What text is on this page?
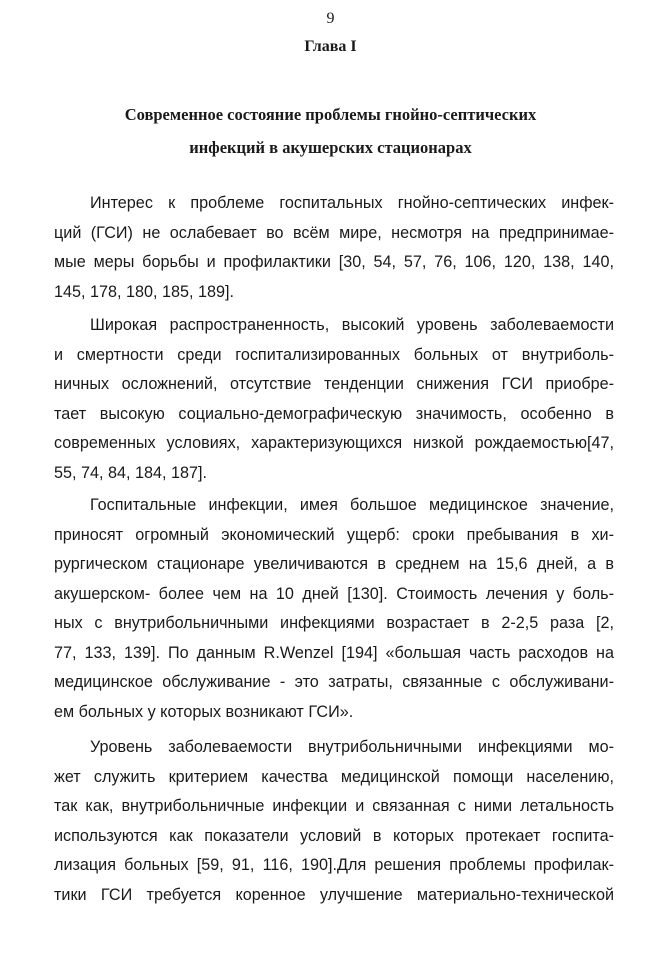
9
Глава I
Современное состояние проблемы гнойно-септических
инфекций в акушерских стационарах
Интерес к проблеме госпитальных гнойно-септических инфек-
ций (ГСИ) не ослабевает во всём мире, несмотря на предпринимае-
мые меры борьбы и профилактики [30, 54, 57, 76, 106, 120, 138, 140,
145, 178, 180, 185, 189].
Широкая распространенность, высокий уровень заболеваемости
и смертности среди госпитализированных больных от внутриболь-
ничных осложнений, отсутствие тенденции снижения ГСИ приобре-
тает высокую социально-демографическую значимость, особенно в
современных условиях, характеризующихся низкой рождаемостью[47,
55, 74, 84, 184, 187].
Госпитальные инфекции, имея большое медицинское значение,
приносят огромный экономический ущерб: сроки пребывания в хи-
рургическом стационаре увеличиваются в среднем на 15,6 дней, а в
акушерском- более чем на 10 дней [130]. Стоимость лечения у боль-
ных с внутрибольничными инфекциями возрастает в 2-2,5 раза [2,
77, 133, 139]. По данным R.Wenzel [194] «большая часть расходов на
медицинское обслуживание - это затраты, связанные с обслуживани-
ем больных у которых возникают ГСИ».
Уровень заболеваемости внутрибольничными инфекциями мо-
жет служить критерием качества медицинской помощи населению,
так как, внутрибольничные инфекции и связанная с ними летальность
используются как показатели условий в которых протекает госпита-
лизация больных [59, 91, 116, 190].Для решения проблемы профилак-
тики ГСИ требуется коренное улучшение материально-технической
